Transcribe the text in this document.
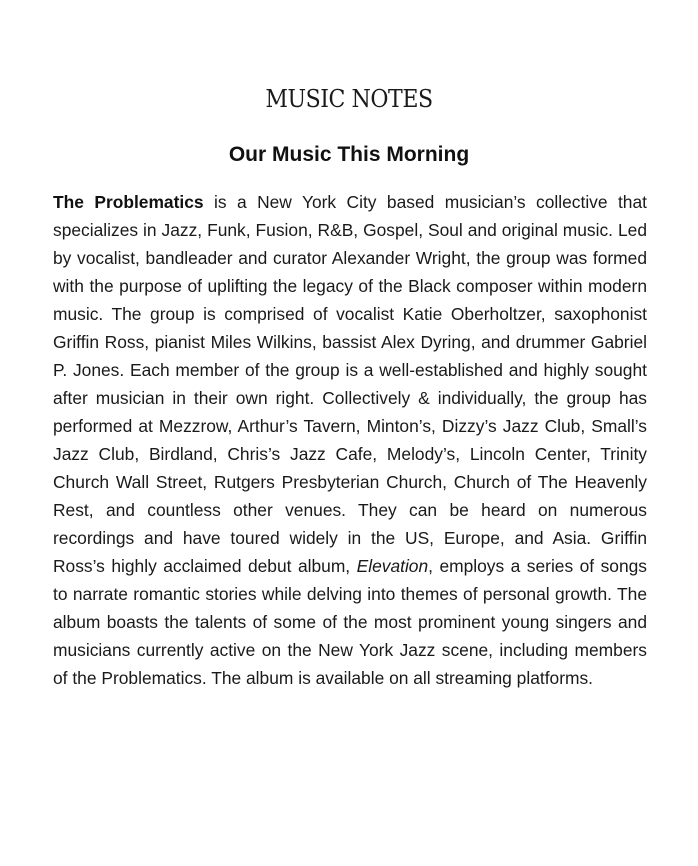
MUSIC NOTES
Our Music This Morning

The Problematics is a New York City based musician’s collective that specializes in Jazz, Funk, Fusion, R&B, Gospel, Soul and original music. Led by vocalist, bandleader and curator Alexander Wright, the group was formed with the purpose of uplifting the legacy of the Black composer within modern music. The group is comprised of vocalist Katie Oberholtzer, saxophonist Griffin Ross, pianist Miles Wilkins, bassist Alex Dyring, and drummer Gabriel P. Jones. Each member of the group is a well-established and highly sought after musician in their own right. Collectively & individually, the group has performed at Mezzrow, Arthur’s Tavern, Minton’s, Dizzy’s Jazz Club, Small’s Jazz Club, Birdland, Chris’s Jazz Cafe, Melody’s, Lincoln Center, Trinity Church Wall Street, Rutgers Presbyterian Church, Church of The Heavenly Rest, and countless other venues. They can be heard on numerous recordings and have toured widely in the US, Europe, and Asia. Griffin Ross’s highly acclaimed debut album, Elevation, employs a series of songs to narrate romantic stories while delving into themes of personal growth. The album boasts the talents of some of the most prominent young singers and musicians currently active on the New York Jazz scene, including members of the Problematics. The album is available on all streaming platforms.
